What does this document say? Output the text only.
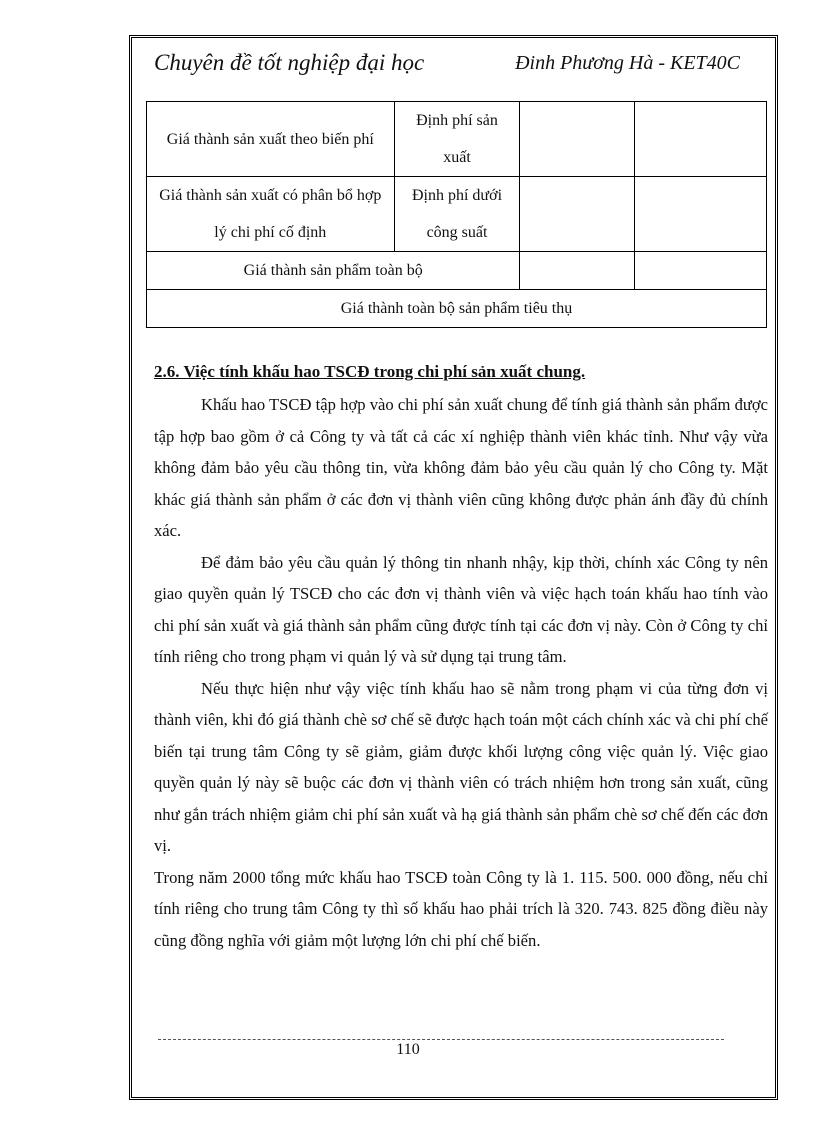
Chuyên đề tốt nghiệp đại học	Đinh Phương Hà - KET40C
Giá thành sản xuất theo biến phí	Định phí sản xuất		
Giá thành sản xuất có phân bổ hợp lý chi phí cố định	Định phí dưới công suất		
Giá thành sản phẩm toàn bộ			
Giá thành toàn bộ sản phẩm tiêu thụ			
2.6. Việc tính khấu hao TSCĐ trong chi phí sản xuất chung.

Khấu hao TSCĐ tập hợp vào chi phí sản xuất chung để tính giá thành sản phẩm được tập hợp bao gồm ở cả Công ty và tất cả các xí nghiệp thành viên khác tỉnh. Như vậy vừa không đảm bảo yêu cầu thông tin, vừa không đảm bảo yêu cầu quản lý cho Công ty. Mặt khác giá thành sản phẩm ở các đơn vị thành viên cũng không được phản ánh đầy đủ chính xác.

Để đảm bảo yêu cầu quản lý thông tin nhanh nhậy, kịp thời, chính xác Công ty nên giao quyền quản lý TSCĐ cho các đơn vị thành viên và việc hạch toán khấu hao tính vào chi phí sản xuất và giá thành sản phẩm cũng được tính tại các đơn vị này. Còn ở Công ty chỉ tính riêng cho trong phạm vi quản lý và sử dụng tại trung tâm.

Nếu thực hiện như vậy việc tính khấu hao sẽ nằm trong phạm vi của từng đơn vị thành viên, khi đó giá thành chè sơ chế sẽ được hạch toán một cách chính xác và chi phí chế biến tại trung tâm Công ty sẽ giảm, giảm được khối lượng công việc quản lý. Việc giao quyền quản lý này sẽ buộc các đơn vị thành viên có trách nhiệm hơn trong sản xuất, cũng như gắn trách nhiệm giảm chi phí sản xuất và hạ giá thành sản phẩm chè sơ chế đến các đơn vị.

Trong năm 2000 tổng mức khấu hao TSCĐ toàn Công ty là 1. 115. 500. 000 đồng, nếu chỉ tính riêng cho trung tâm Công ty thì số khấu hao phải trích là 320. 743. 825 đồng điều này cũng đồng nghĩa với giảm một lượng lớn chi phí chế biến.

110
